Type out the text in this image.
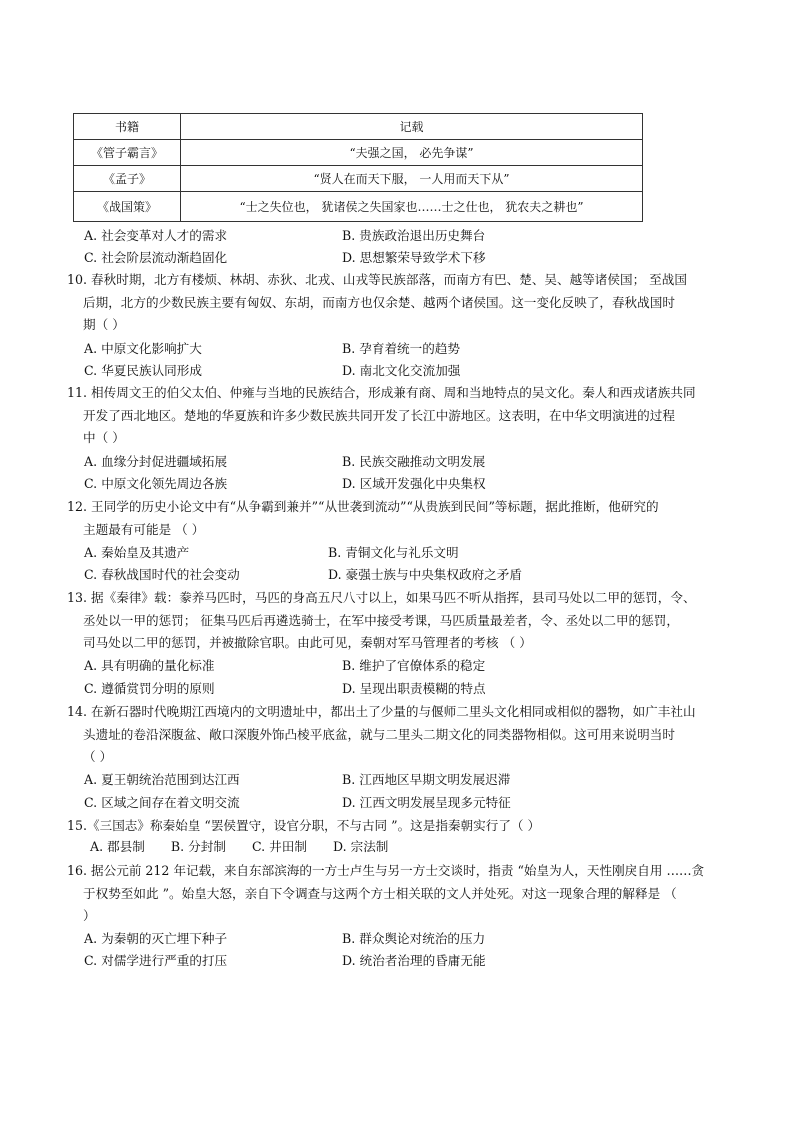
书籍	记载
《管子霸言》	“夫强之国， 必先争谋”
《孟子》	“贤人在而天下服， 一人用而天下从”
《战国策》	“士之失位也， 犹诸侯之失国家也……士之仕也， 犹农夫之耕也”
A. 社会变革对人才的需求	B. 贵族政治退出历史舞台
C. 社会阶层流动渐趋固化	D. 思想繁荣导致学术下移
10. 春秋时期，北方有楼烦、林胡、赤狄、北戎、山戎等民族部落，而南方有巴、楚、吴、越等诸侯国； 至战国
后期，北方的少数民族主要有匈奴、东胡，而南方也仅余楚、越两个诸侯国。这一变化反映了，春秋战国时
期（ ）
A. 中原文化影响扩大	B. 孕育着统一的趋势
C. 华夏民族认同形成	D. 南北文化交流加强
11. 相传周文王的伯父太伯、仲雍与当地的民族结合，形成兼有商、周和当地特点的吴文化。秦人和西戎诸族共同
开发了西北地区。楚地的华夏族和许多少数民族共同开发了长江中游地区。这表明，在中华文明演进的过程
中（ ）
A. 血缘分封促进疆域拓展	B. 民族交融推动文明发展
C. 中原文化领先周边各族	D. 区域开发强化中央集权
12. 王同学的历史小论文中有“从争霸到兼并”“从世袭到流动”“从贵族到民间”等标题，据此推断，他研究的
主题最有可能是 （ ）
A. 秦始皇及其遗产	B. 青铜文化与礼乐文明
C. 春秋战国时代的社会变动	D. 豪强士族与中央集权政府之矛盾
13. 据《秦律》载：豢养马匹时，马匹的身高五尺八寸以上，如果马匹不听从指挥，县司马处以二甲的惩罚，令、
丞处以一甲的惩罚； 征集马匹后再遴选骑士，在军中接受考课，马匹质量最差者，令、丞处以二甲的惩罚，
司马处以二甲的惩罚，并被撤除官职。由此可见，秦朝对军马管理者的考核 （ ）
A. 具有明确的量化标准	B. 维护了官僚体系的稳定
C. 遵循赏罚分明的原则	D. 呈现出职责模糊的特点
14. 在新石器时代晚期江西境内的文明遗址中，都出土了少量的与偃师二里头文化相同或相似的器物，如广丰社山
头遗址的卷沿深腹盆、敞口深腹外饰凸棱平底盆，就与二里头二期文化的同类器物相似。这可用来说明当时
（ ）
A. 夏王朝统治范围到达江西	B. 江西地区早期文明发展迟滞
C. 区域之间存在着文明交流	D. 江西文明发展呈现多元特征
15.《三国志》称秦始皇 “罢侯置守，设官分职，不与古同 ”。这是指秦朝实行了（ ）
A. 郡县制 B. 分封制 C. 井田制 D. 宗法制
16. 据公元前 212 年记载，来自东部滨海的一方士卢生与另一方士交谈时，指责 “始皇为人，天性刚戾自用 ……贪
于权势至如此 ”。始皇大怒，亲自下令调查与这两个方士相关联的文人并处死。对这一现象合理的解释是 （
）
A. 为秦朝的灭亡埋下种子	B. 群众舆论对统治的压力
C. 对儒学进行严重的打压	D. 统治者治理的昏庸无能
